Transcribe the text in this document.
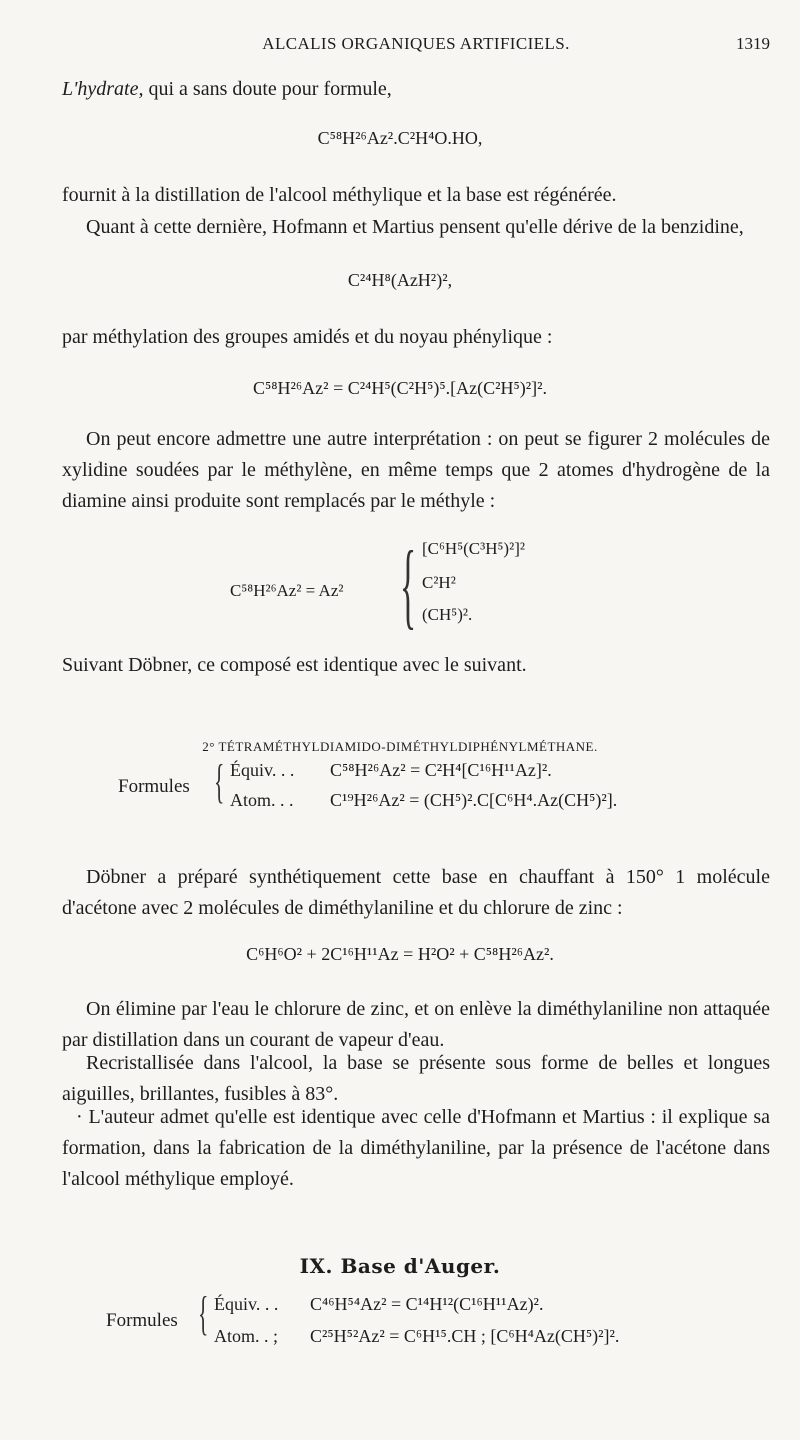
ALCALIS ORGANIQUES ARTIFICIELS.	1319

L'hydrate, qui a sans doute pour formule,

C⁵⁸H²⁶Az².C²H⁴O.HO,

fournit à la distillation de l'alcool méthylique et la base est régénérée.

Quant à cette dernière, Hofmann et Martius pensent qu'elle dérive de la benzidine,

C²⁴H⁸(AzH²)²,

par méthylation des groupes amidés et du noyau phénylique :

C⁵⁸H²⁶Az² = C²⁴H⁵(C²H⁵)⁵.[Az(C²H⁵)²]².

On peut encore admettre une autre interprétation : on peut se figurer 2 molécules de xylidine soudées par le méthylène, en même temps que 2 atomes d'hydrogène de la diamine ainsi produite sont remplacés par le méthyle :

C⁵⁸H²⁶Az² = Az² { [C⁶H⁵(C³H⁵)²]²
C²H²
(CH⁵)².

Suivant Döbner, ce composé est identique avec le suivant.

2° TÉTRAMÉTHYLDIAMIDO-DIMÉTHYLDIPHÉNYLMÉTHANE.
Formules { Équiv. . . C⁵⁸H²⁶Az² = C²H⁴[C¹⁶H¹¹Az]².
Atom. . . C¹⁹H²⁶Az² = (CH⁵)².C[C⁶H⁴.Az(CH⁵)²].

Döbner a préparé synthétiquement cette base en chauffant à 150° 1 molécule d'acétone avec 2 molécules de diméthylaniline et du chlorure de zinc :

C⁶H⁶O² + 2C¹⁶H¹¹Az = H²O² + C⁵⁸H²⁶Az².

On élimine par l'eau le chlorure de zinc, et on enlève la diméthylaniline non attaquée par distillation dans un courant de vapeur d'eau.

Recristallisée dans l'alcool, la base se présente sous forme de belles et longues aiguilles, brillantes, fusibles à 83°.

· L'auteur admet qu'elle est identique avec celle d'Hofmann et Martius : il explique sa formation, dans la fabrication de la diméthylaniline, par la présence de l'acétone dans l'alcool méthylique employé.

IX. Base d'Auger.
Formules { Équiv. . . C⁴⁶H⁵⁴Az² = C¹⁴H¹²(C¹⁶H¹¹Az)².
Atom. . ; C²⁵H⁵²Az² = C⁶H¹⁵.CH ; [C⁶H⁴Az(CH⁵)²]².
